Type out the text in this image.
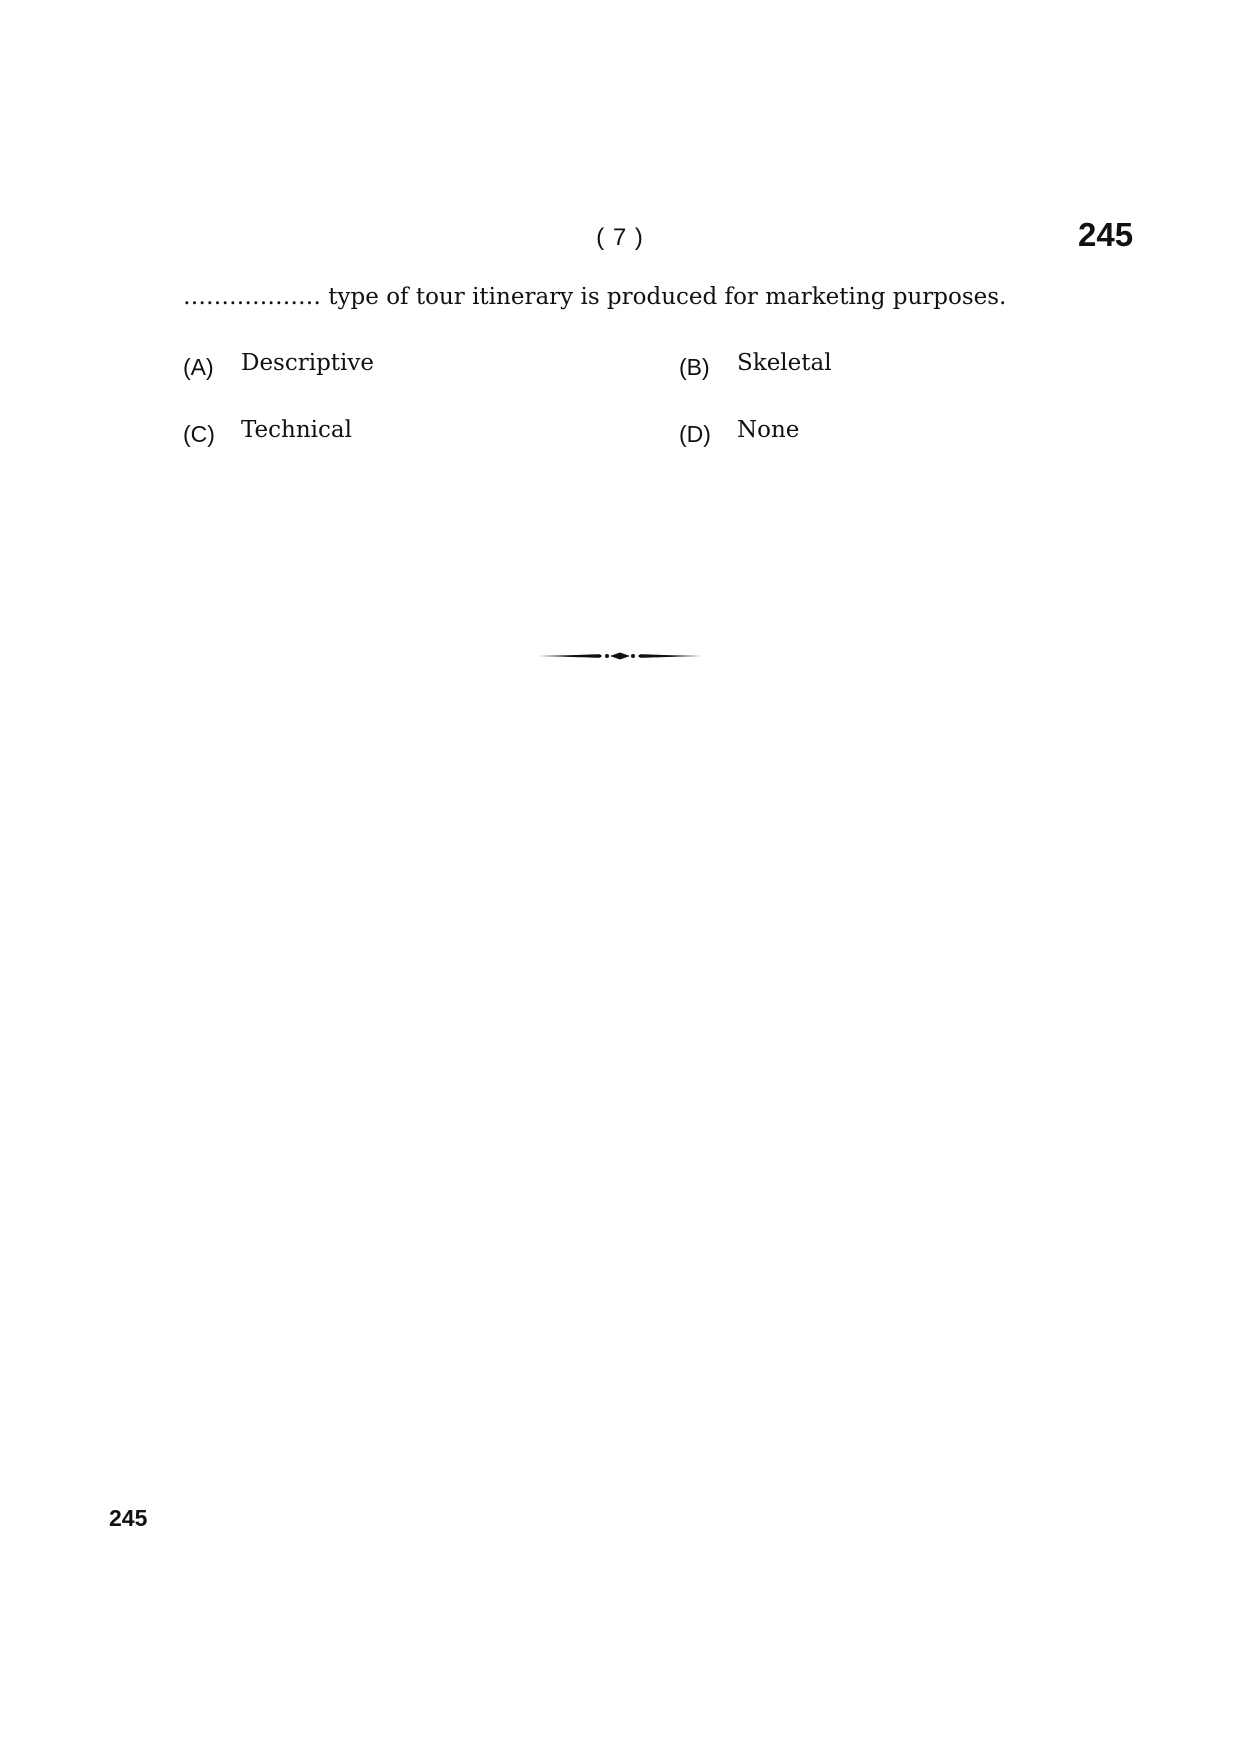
( 7 )	245
……………… type of tour itinerary is produced for marketing purposes.
(A) Descriptive	(B) Skeletal
(C) Technical	(D) None
245
